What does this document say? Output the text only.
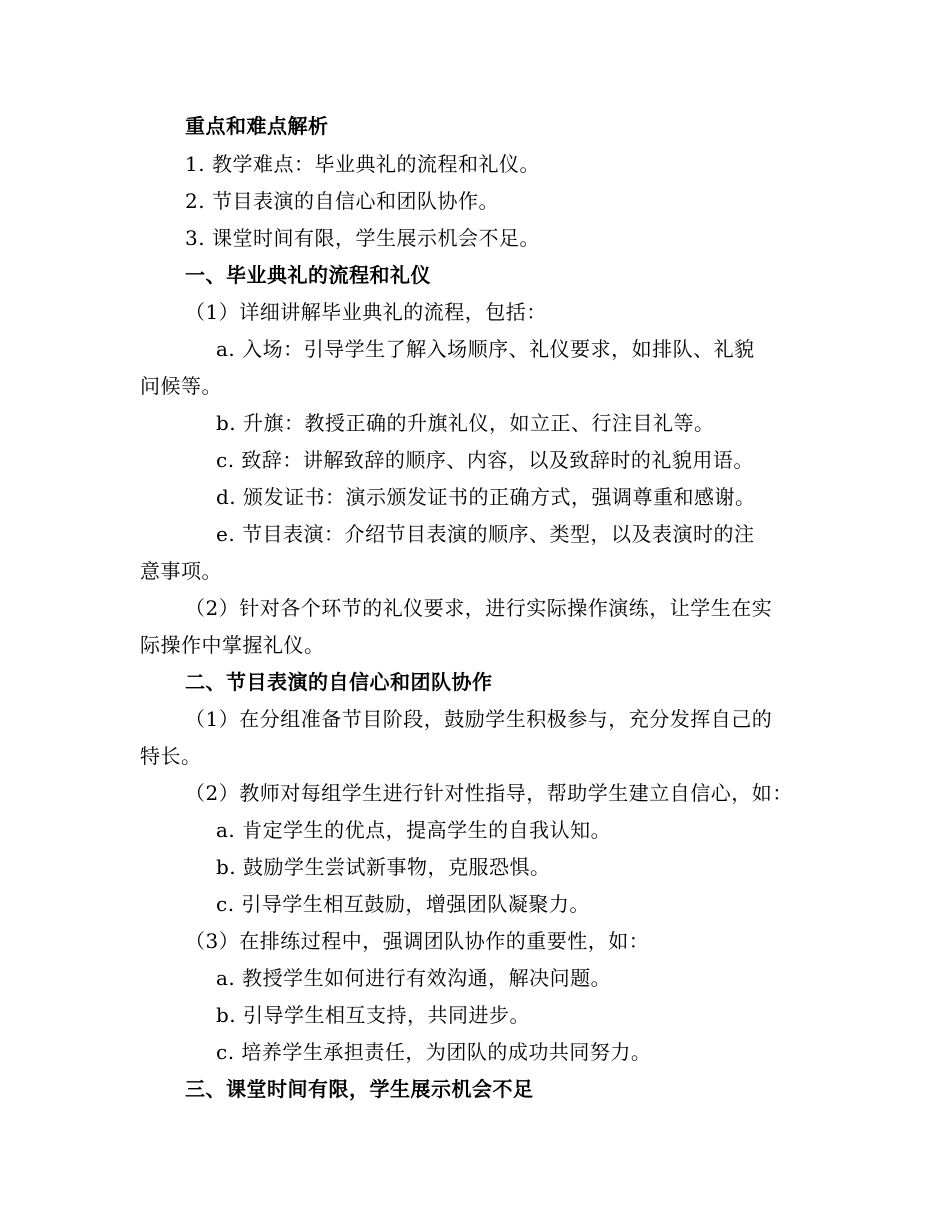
重点和难点解析
1. 教学难点：毕业典礼的流程和礼仪。
2. 节目表演的自信心和团队协作。
3. 课堂时间有限，学生展示机会不足。
一、毕业典礼的流程和礼仪
（1）详细讲解毕业典礼的流程，包括：
a. 入场：引导学生了解入场顺序、礼仪要求，如排队、礼貌
问候等。
b. 升旗：教授正确的升旗礼仪，如立正、行注目礼等。
c. 致辞：讲解致辞的顺序、内容，以及致辞时的礼貌用语。
d. 颁发证书：演示颁发证书的正确方式，强调尊重和感谢。
e. 节目表演：介绍节目表演的顺序、类型，以及表演时的注
意事项。
（2）针对各个环节的礼仪要求，进行实际操作演练，让学生在实
际操作中掌握礼仪。
二、节目表演的自信心和团队协作
（1）在分组准备节目阶段，鼓励学生积极参与，充分发挥自己的
特长。
（2）教师对每组学生进行针对性指导，帮助学生建立自信心，如：
a. 肯定学生的优点，提高学生的自我认知。
b. 鼓励学生尝试新事物，克服恐惧。
c. 引导学生相互鼓励，增强团队凝聚力。
（3）在排练过程中，强调团队协作的重要性，如：
a. 教授学生如何进行有效沟通，解决问题。
b. 引导学生相互支持，共同进步。
c. 培养学生承担责任，为团队的成功共同努力。
三、课堂时间有限，学生展示机会不足
